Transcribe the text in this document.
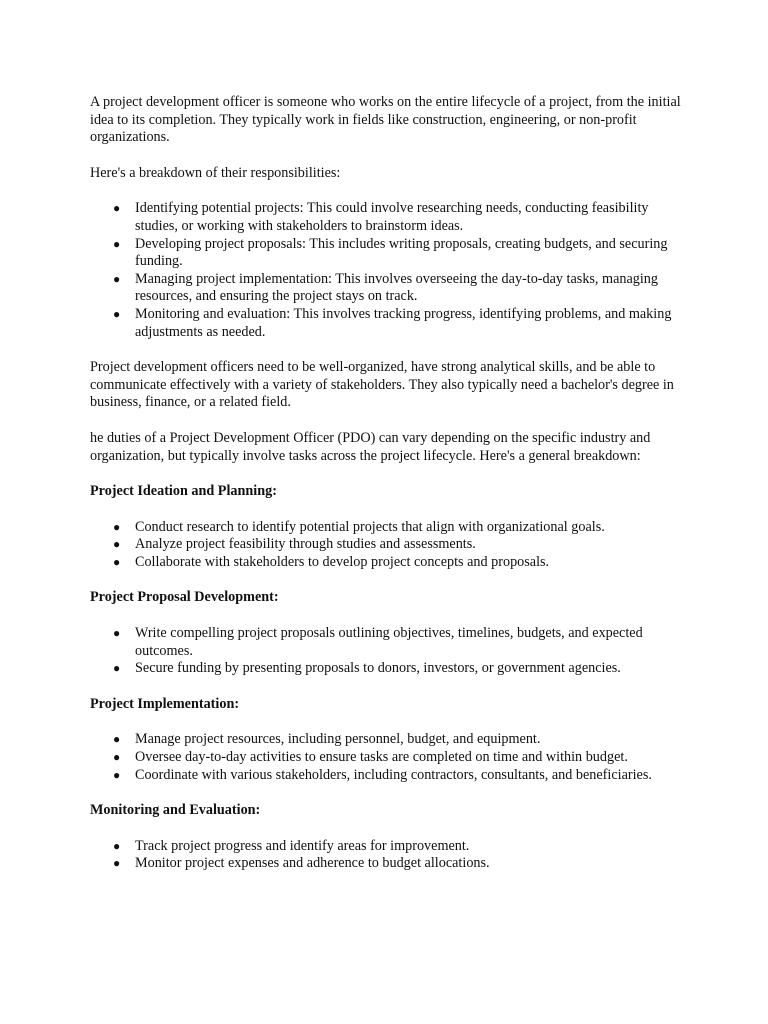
A project development officer is someone who works on the entire lifecycle of a project, from the initial idea to its completion. They typically work in fields like construction, engineering, or non-profit organizations.

Here's a breakdown of their responsibilities:

● Identifying potential projects: This could involve researching needs, conducting feasibility studies, or working with stakeholders to brainstorm ideas.
● Developing project proposals: This includes writing proposals, creating budgets, and securing funding.
● Managing project implementation: This involves overseeing the day-to-day tasks, managing resources, and ensuring the project stays on track.
● Monitoring and evaluation: This involves tracking progress, identifying problems, and making adjustments as needed.

Project development officers need to be well-organized, have strong analytical skills, and be able to communicate effectively with a variety of stakeholders. They also typically need a bachelor's degree in business, finance, or a related field.

he duties of a Project Development Officer (PDO) can vary depending on the specific industry and organization, but typically involve tasks across the project lifecycle. Here's a general breakdown:

Project Ideation and Planning:
● Conduct research to identify potential projects that align with organizational goals.
● Analyze project feasibility through studies and assessments.
● Collaborate with stakeholders to develop project concepts and proposals.
Project Proposal Development:
● Write compelling project proposals outlining objectives, timelines, budgets, and expected outcomes.
● Secure funding by presenting proposals to donors, investors, or government agencies.
Project Implementation:
● Manage project resources, including personnel, budget, and equipment.
● Oversee day-to-day activities to ensure tasks are completed on time and within budget.
● Coordinate with various stakeholders, including contractors, consultants, and beneficiaries.
Monitoring and Evaluation:
● Track project progress and identify areas for improvement.
● Monitor project expenses and adherence to budget allocations.
